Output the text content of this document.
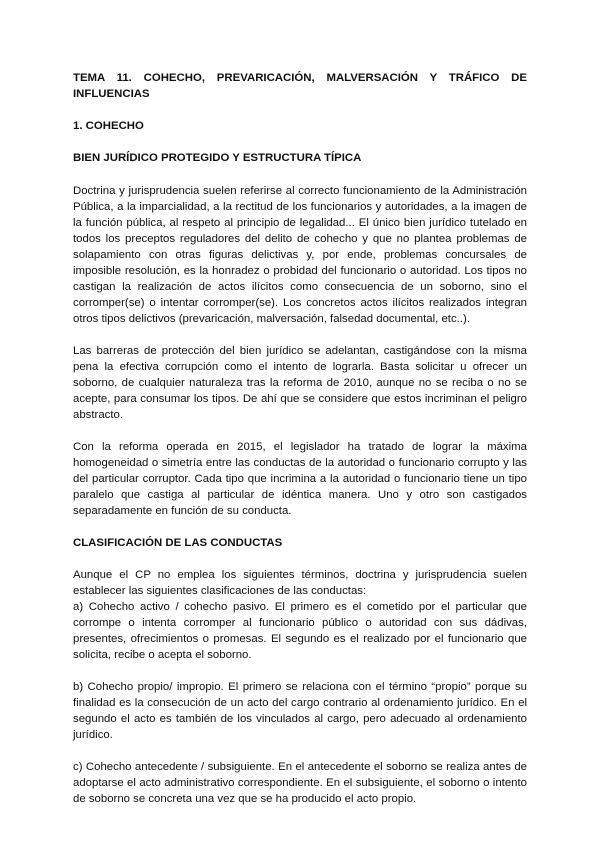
TEMA 11. COHECHO, PREVARICACIÓN, MALVERSACIÓN Y TRÁFICO DE INFLUENCIAS

1. COHECHO

BIEN JURÍDICO PROTEGIDO Y ESTRUCTURA TÍPICA

Doctrina y jurisprudencia suelen referirse al correcto funcionamiento de la Administración Pública, a la imparcialidad, a la rectitud de los funcionarios y autoridades, a la imagen de la función pública, al respeto al principio de legalidad... El único bien jurídico tutelado en todos los preceptos reguladores del delito de cohecho y que no plantea problemas de solapamiento con otras figuras delictivas y, por ende, problemas concursales de imposible resolución, es la honradez o probidad del funcionario o autoridad. Los tipos no castigan la realización de actos ilícitos como consecuencia de un soborno, sino el corromper(se) o intentar corromper(se). Los concretos actos ilícitos realizados integran otros tipos delictivos (prevaricación, malversación, falsedad documental, etc..).

Las barreras de protección del bien jurídico se adelantan, castigándose con la misma pena la efectiva corrupción como el intento de lograrla. Basta solicitar u ofrecer un soborno, de cualquier naturaleza tras la reforma de 2010, aunque no se reciba o no se acepte, para consumar los tipos. De ahí que se considere que estos incriminan el peligro abstracto.

Con la reforma operada en 2015, el legislador ha tratado de lograr la máxima homogeneidad o simetría entre las conductas de la autoridad o funcionario corrupto y las del particular corruptor. Cada tipo que incrimina a la autoridad o funcionario tiene un tipo paralelo que castiga al particular de idéntica manera. Uno y otro son castigados separadamente en función de su conducta.

CLASIFICACIÓN DE LAS CONDUCTAS

Aunque el CP no emplea los siguientes términos, doctrina y jurisprudencia suelen establecer las siguientes clasificaciones de las conductas:

a) Cohecho activo / cohecho pasivo. El primero es el cometido por el particular que corrompe o intenta corromper al funcionario público o autoridad con sus dádivas, presentes, ofrecimientos o promesas. El segundo es el realizado por el funcionario que solicita, recibe o acepta el soborno.

b) Cohecho propio/ impropio. El primero se relaciona con el término “propio” porque su finalidad es la consecución de un acto del cargo contrario al ordenamiento jurídico. En el segundo el acto es también de los vinculados al cargo, pero adecuado al ordenamiento jurídico.

c) Cohecho antecedente / subsiguiente. En el antecedente el soborno se realiza antes de adoptarse el acto administrativo correspondiente. En el subsiguiente, el soborno o intento de soborno se concreta una vez que se ha producido el acto propio.
